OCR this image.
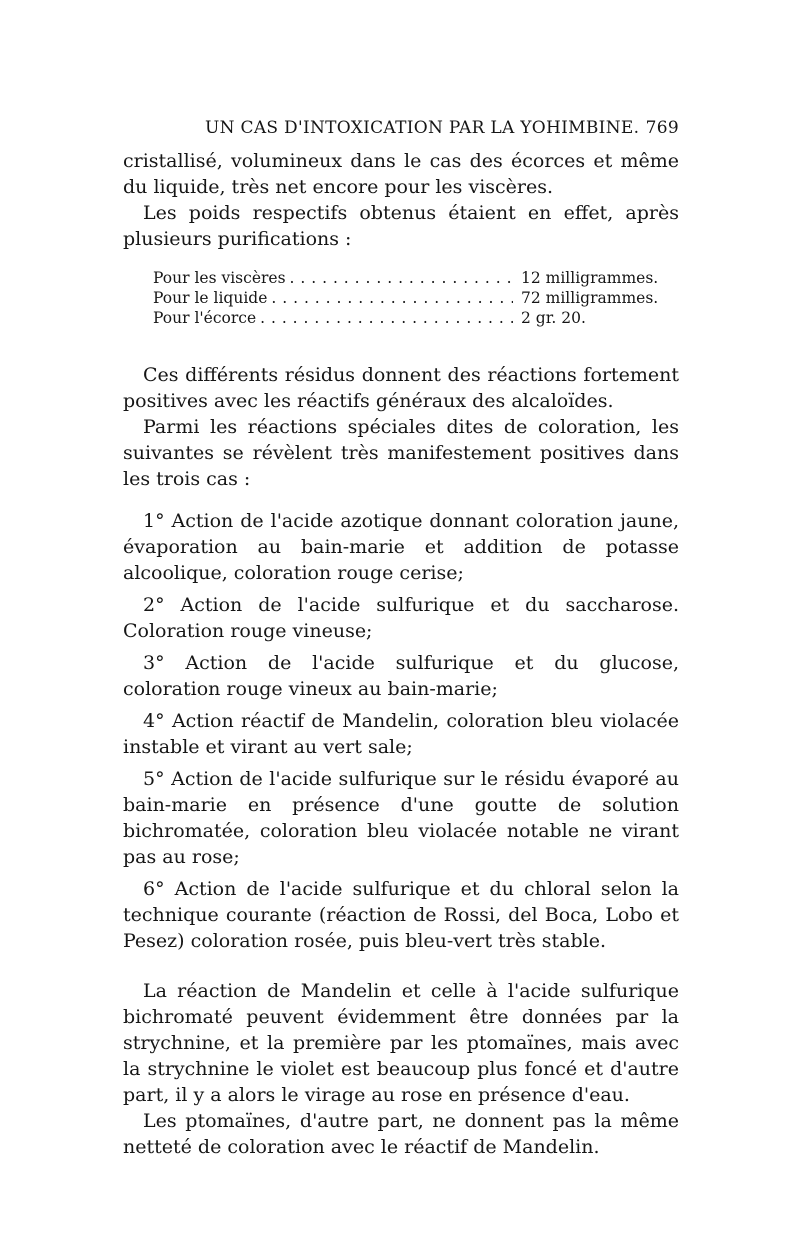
UN CAS D'INTOXICATION PAR LA YOHIMBINE. 769

cristallisé, volumineux dans le cas des écorces et même du liquide, très net encore pour les viscères.

Les poids respectifs obtenus étaient en effet, après plusieurs purifications :

Pour les viscères . . .	12 milligrammes.
Pour le liquide . . .	72 milligrammes.
Pour l'écorce . . .	2 gr. 20.

Ces différents résidus donnent des réactions fortement positives avec les réactifs généraux des alcaloïdes.

Parmi les réactions spéciales dites de coloration, les suivantes se révèlent très manifestement positives dans les trois cas :

1° Action de l'acide azotique donnant coloration jaune, évaporation au bain-marie et addition de potasse alcoolique, coloration rouge cerise;

2° Action de l'acide sulfurique et du saccharose. Coloration rouge vineuse;

3° Action de l'acide sulfurique et du glucose, coloration rouge vineux au bain-marie;

4° Action réactif de Mandelin, coloration bleu violacée instable et virant au vert sale;

5° Action de l'acide sulfurique sur le résidu évaporé au bain-marie en présence d'une goutte de solution bichromatée, coloration bleu violacée notable ne virant pas au rose;

6° Action de l'acide sulfurique et du chloral selon la technique courante (réaction de Rossi, del Boca, Lobo et Pesez) coloration rosée, puis bleu-vert très stable.

La réaction de Mandelin et celle à l'acide sulfurique bichromaté peuvent évidemment être données par la strychnine, et la première par les ptomaïnes, mais avec la strychnine le violet est beaucoup plus foncé et d'autre part, il y a alors le virage au rose en présence d'eau.

Les ptomaïnes, d'autre part, ne donnent pas la même netteté de coloration avec le réactif de Mandelin.
